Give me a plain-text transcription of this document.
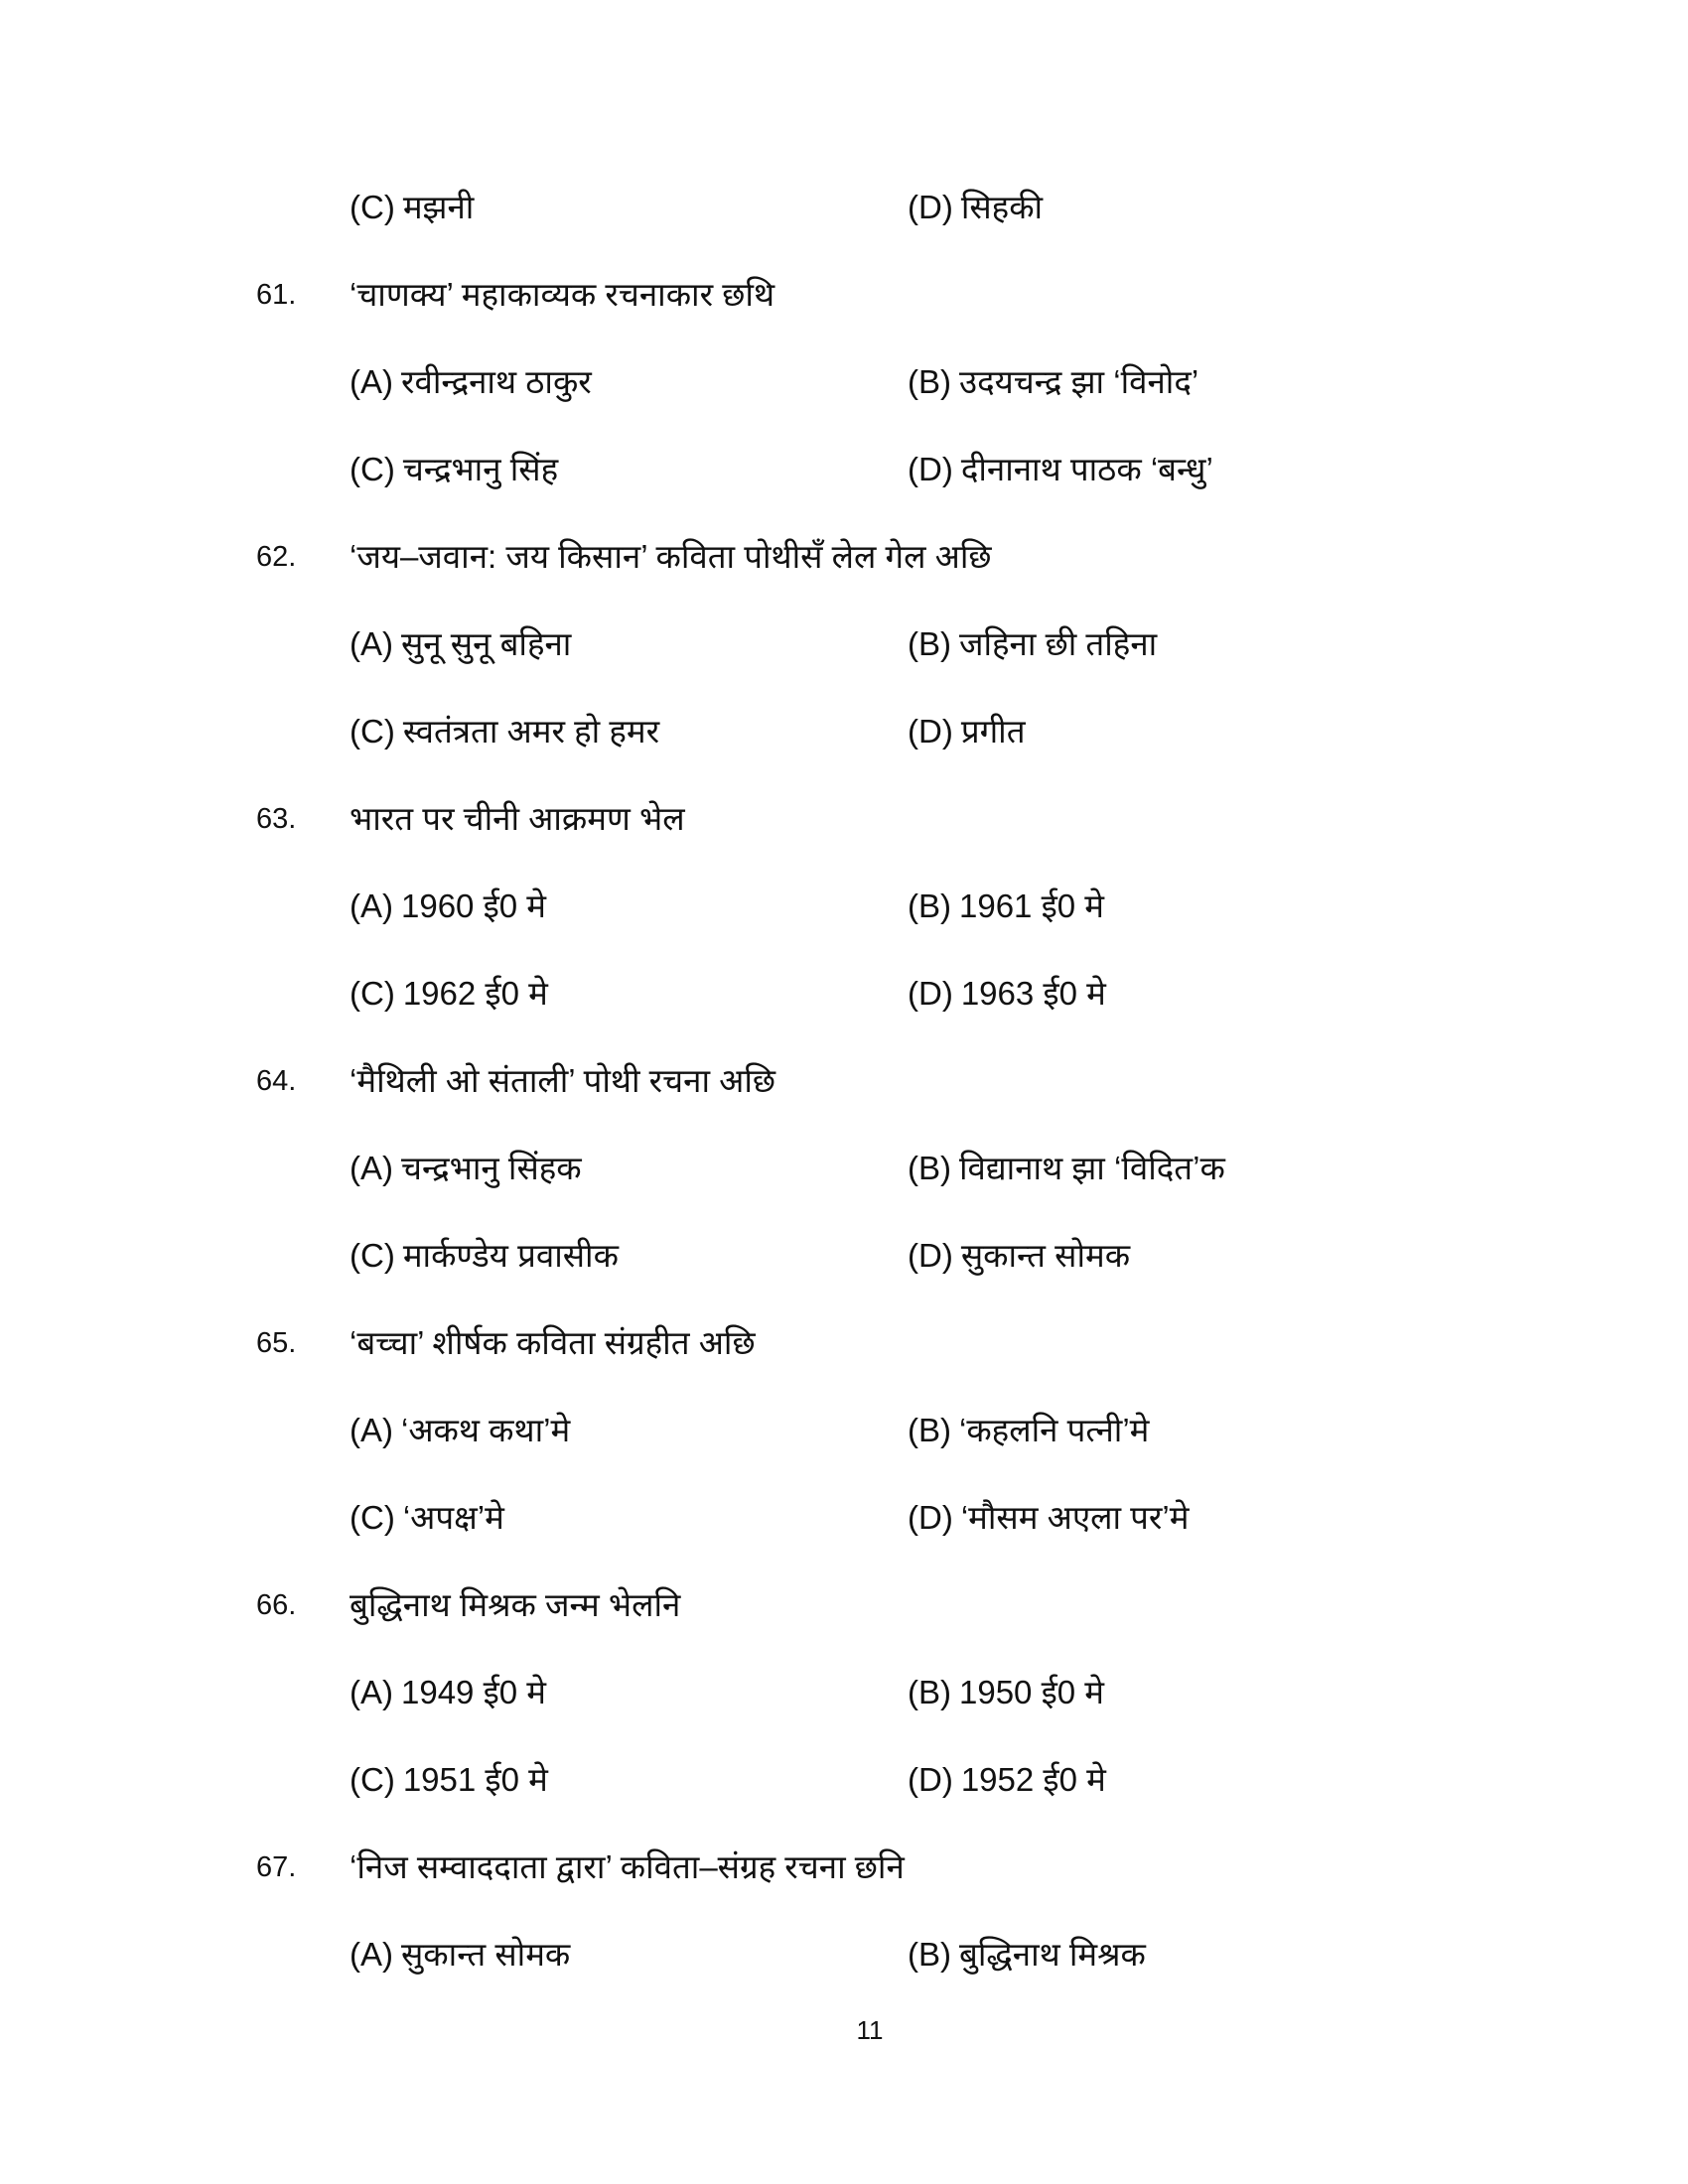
(C) मझनी	(D) सिहकी
61. ‘चाणक्य’ महाकाव्यक रचनाकार छथि
(A) रवीन्द्रनाथ ठाकुर	(B) उदयचन्द्र झा ‘विनोद’
(C) चन्द्रभानु सिंह	(D) दीनानाथ पाठक ‘बन्धु’
62. ‘जय–जवान: जय किसान’ कविता पोथीसँ लेल गेल अछि
(A) सुनू सुनू बहिना	(B) जहिना छी तहिना
(C) स्वतंत्रता अमर हो हमर	(D) प्रगीत
63. भारत पर चीनी आक्रमण भेल
(A) 1960 ई0 मे	(B) 1961 ई0 मे
(C) 1962 ई0 मे	(D) 1963 ई0 मे
64. ‘मैथिली ओ संताली’ पोथी रचना अछि
(A) चन्द्रभानु सिंहक	(B) विद्यानाथ झा ‘विदित’क
(C) मार्कण्डेय प्रवासीक	(D) सुकान्त सोमक
65. ‘बच्चा’ शीर्षक कविता संग्रहीत अछि
(A) ‘अकथ कथा’मे	(B) ‘कहलनि पत्नी’मे
(C) ‘अपक्ष’मे	(D) ‘मौसम अएला पर’मे
66. बुद्धिनाथ मिश्रक जन्म भेलनि
(A) 1949 ई0 मे	(B) 1950 ई0 मे
(C) 1951 ई0 मे	(D) 1952 ई0 मे
67. ‘निज सम्वाददाता द्वारा’ कविता–संग्रह रचना छनि
(A) सुकान्त सोमक	(B) बुद्धिनाथ मिश्रक
11
